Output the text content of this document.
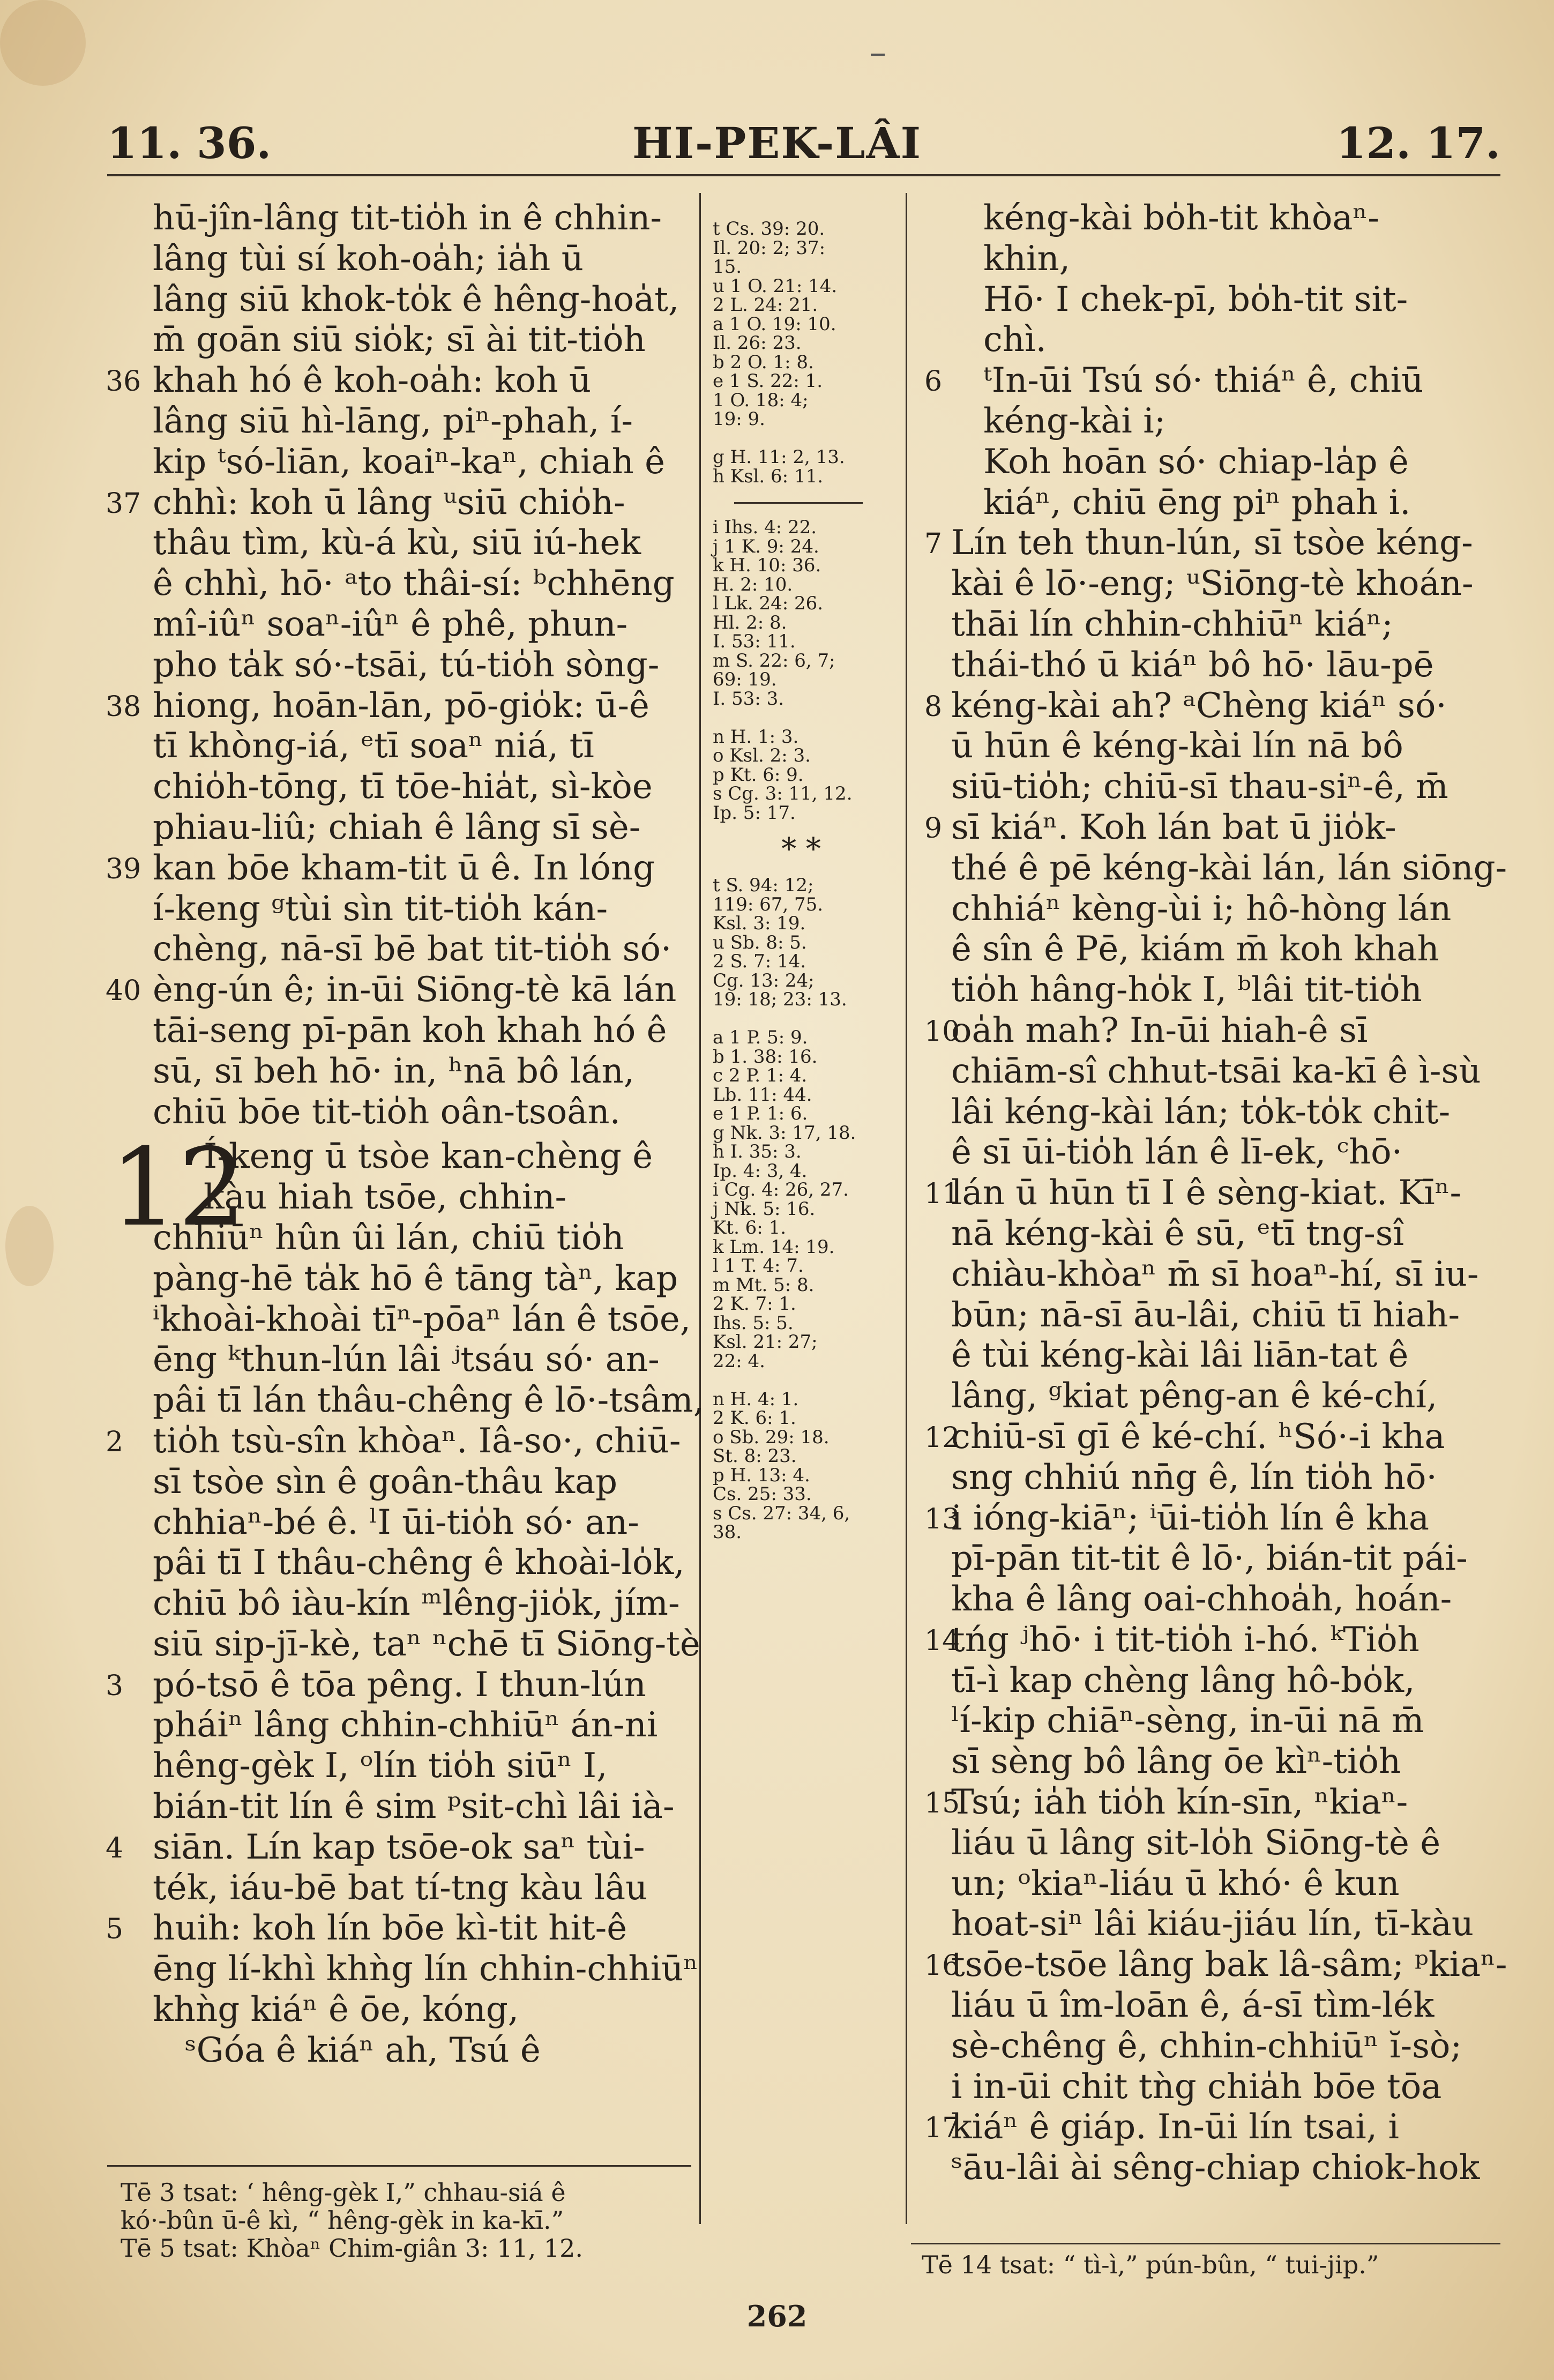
11. 36.	HI-PEK-LÂI	12. 17.
hū-jîn-lâng tit-tio̍h in ê chhin-
lâng tùi sí koh-oa̍h; ia̍h ū
lâng siū khok-to̍k ê hêng-hoa̍t,
m̄ goān siū sio̍k; sī ài tit-tio̍h
36 khah hó ê koh-oa̍h: koh ū
lâng siū hì-lāng, piⁿ-phah, í-
kip ᵗsó-liān, koaiⁿ-kaⁿ, chiah ê
37 chhì: koh ū lâng ᵘsiū chio̍h-
thâu tìm, kù-á kù, siū iú-hek
ê chhì, hō· ᵃto thâi-sí: ᵇchhēng
mî-iûⁿ soaⁿ-iûⁿ ê phê, phun-
pho ta̍k só·-tsāi, tú-tio̍h sòng-
38 hiong, hoān-lān, pō-gio̍k: ū-ê
tī khòng-iá, ᵉtī soaⁿ niá, tī
chio̍h-tōng, tī tōe-hia̍t, sì-kòe
phiau-liû; chiah ê lâng sī sè-
39 kan bōe kham-tit ū ê. In lóng
í-keng ᵍtùi sìn tit-tio̍h kán-
chèng, nā-sī bē bat tit-tio̍h só·
40 èng-ún ê; in-ūi Siōng-tè kā lán
tāi-seng pī-pān koh khah hó ê
sū, sī beh hō· in, ʰnā bô lán,
chiū bōe tit-tio̍h oân-tsoân.
12
Í-keng ū tsòe kan-chèng ê
kàu hiah tsōe, chhin-
chhiūⁿ hûn ûi lán, chiū tio̍h
pàng-hē ta̍k hō ê tāng tàⁿ, kap
ⁱkhoài-khoài tīⁿ-pōaⁿ lán ê tsōe,
ēng ᵏthun-lún lâi ʲtsáu só· an-
pâi tī lán thâu-chêng ê lō·-tsâm,
2 tio̍h tsù-sîn khòaⁿ. Iâ-so·, chiū-
sī tsòe sìn ê goân-thâu kap
chhiaⁿ-bé ê. ˡI ūi-tio̍h só· an-
pâi tī I thâu-chêng ê khoài-lo̍k,
chiū bô iàu-kín ᵐlêng-jio̍k, jím-
siū sip-jī-kè, taⁿ ⁿchē tī Siōng-tè
3 pó-tsō ê tōa pêng. I thun-lún
pháiⁿ lâng chhin-chhiūⁿ án-ni
hêng-gèk I, ᵒlín tio̍h siūⁿ I,
bián-tit lín ê sim ᵖsit-chì lâi ià-
4 siān. Lín kap tsōe-ok saⁿ tùi-
ték, iáu-bē bat tí-tng kàu lâu
5 huih: koh lín bōe kì-tit hit-ê
ēng lí-khì khǹg lín chhin-chhiūⁿ
khǹg kiáⁿ ê ōe, kóng,
ˢGóa ê kiáⁿ ah, Tsú ê
t Cs. 39: 20.
Il. 20: 2; 37:
15.
u 1 O. 21: 14.
2 L. 24: 21.
a 1 O. 19: 10.
Il. 26: 23.
b 2 O. 1: 8.
e 1 S. 22: 1.
1 O. 18: 4;
19: 9.
g H. 11: 2, 13.
h Ksl. 6: 11.
i Ihs. 4: 22.
j 1 K. 9: 24.
k H. 10: 36.
H. 2: 10.
l Lk. 24: 26.
Hl. 2: 8.
I. 53: 11.
m S. 22: 6, 7;
69: 19.
I. 53: 3.
n H. 1: 3.
o Ksl. 2: 3.
p Kt. 6: 9.
s Cg. 3: 11, 12.
Ip. 5: 17.
* *
t S. 94: 12;
119: 67, 75.
Ksl. 3: 19.
u Sb. 8: 5.
2 S. 7: 14.
Cg. 13: 24;
19: 18; 23: 13.
a 1 P. 5: 9.
b 1. 38: 16.
c 2 P. 1: 4.
Lb. 11: 44.
e 1 P. 1: 6.
g Nk. 3: 17, 18.
h I. 35: 3.
Ip. 4: 3, 4.
i Cg. 4: 26, 27.
j Nk. 5: 16.
Kt. 6: 1.
k Lm. 14: 19.
l 1 T. 4: 7.
m Mt. 5: 8.
2 K. 7: 1.
Ihs. 5: 5.
Ksl. 21: 27;
22: 4.
n H. 4: 1.
2 K. 6: 1.
o Sb. 29: 18.
St. 8: 23.
p H. 13: 4.
Cs. 25: 33.
s Cs. 27: 34, 6,
38.
kéng-kài bo̍h-tit khòaⁿ-
khin,
Hō· I chek-pī, bo̍h-tit sit-
chì.
6 ᵗIn-ūi Tsú só· thiáⁿ ê, chiū
kéng-kài i;
Koh hoān só· chiap-la̍p ê
kiáⁿ, chiū ēng piⁿ phah i.
7 Lín teh thun-lún, sī tsòe kéng-
kài ê lō·-eng; ᵘSiōng-tè khoán-
thāi lín chhin-chhiūⁿ kiáⁿ;
thái-thó ū kiáⁿ bô hō· lāu-pē
8 kéng-kài ah? ᵃChèng kiáⁿ só·
ū hūn ê kéng-kài lín nā bô
siū-tio̍h; chiū-sī thau-siⁿ-ê, m̄
9 sī kiáⁿ. Koh lán bat ū jio̍k-
thé ê pē kéng-kài lán, lán siōng-
chhiáⁿ kèng-ùi i; hô-hòng lán
ê sîn ê Pē, kiám m̄ koh khah
tio̍h hâng-ho̍k I, ᵇlâi tit-tio̍h
10
oa̍h mah? In-ūi hiah-ê sī
chiām-sî chhut-tsāi ka-kī ê ì-sù
lâi kéng-kài lán; to̍k-to̍k chit-
ê sī ūi-tio̍h lán ê lī-ek, ᶜhō·
11
lán ū hūn tī I ê sèng-kiat. Kīⁿ-
nā kéng-kài ê sū, ᵉtī tng-sî
chiàu-khòaⁿ m̄ sī hoaⁿ-hí, sī iu-
būn; nā-sī āu-lâi, chiū tī hiah-
ê tùi kéng-kài lâi liān-tat ê
lâng, ᵍkiat pêng-an ê ké-chí,
12
chiū-sī gī ê ké-chí. ʰSó·-i kha
sng chhiú nn̄g ê, lín tio̍h hō·
13
i ióng-kiāⁿ; ⁱūi-tio̍h lín ê kha
pī-pān tit-tit ê lō·, bián-tit pái-
kha ê lâng oai-chhoa̍h, hoán-
14
tńg ʲhō· i tit-tio̍h i-hó. ᵏTio̍h
tī-ì kap chèng lâng hô-bo̍k,
ˡí-kip chiāⁿ-sèng, in-ūi nā m̄
sī sèng bô lâng ōe kìⁿ-tio̍h
15
Tsú; ia̍h tio̍h kín-sīn, ⁿkiaⁿ-
liáu ū lâng sit-lo̍h Siōng-tè ê
un; ᵒkiaⁿ-liáu ū khó· ê kun
hoat-siⁿ lâi kiáu-jiáu lín, tī-kàu
16
tsōe-tsōe lâng bak lâ-sâm; ᵖkiaⁿ-
liáu ū îm-loān ê, á-sī tìm-lék
sè-chêng ê, chhin-chhiūⁿ ĭ-sò;
i in-ūi chit tǹg chia̍h bōe tōa
17
kiáⁿ ê giáp. In-ūi lín tsai, i
ˢāu-lâi ài sêng-chiap chiok-hok
Tē 3 tsat: ‘ hêng-gèk I,” chhau-siá ê
kó·-bûn ū-ê kì, “ hêng-gèk in ka-kī.”
Tē 5 tsat: Khòaⁿ Chim-giân 3: 11, 12.
Tē 14 tsat: “ tì-ì,” pún-bûn, “ tui-jip.”
262
